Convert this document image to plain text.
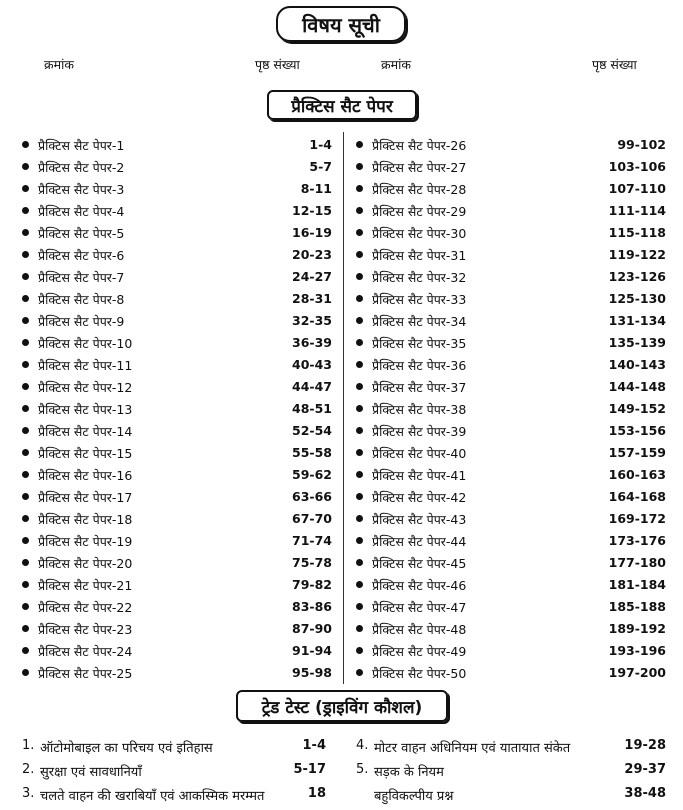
विषय सूची
क्रमांक	पृष्ठ संख्या	क्रमांक	पृष्ठ संख्या
प्रैक्टिस सैट पेपर
प्रैक्टिस सैट पेपर-1	1-4
प्रैक्टिस सैट पेपर-2	5-7
प्रैक्टिस सैट पेपर-3	8-11
प्रैक्टिस सैट पेपर-4	12-15
प्रैक्टिस सैट पेपर-5	16-19
प्रैक्टिस सैट पेपर-6	20-23
प्रैक्टिस सैट पेपर-7	24-27
प्रैक्टिस सैट पेपर-8	28-31
प्रैक्टिस सैट पेपर-9	32-35
प्रैक्टिस सैट पेपर-10	36-39
प्रैक्टिस सैट पेपर-11	40-43
प्रैक्टिस सैट पेपर-12	44-47
प्रैक्टिस सैट पेपर-13	48-51
प्रैक्टिस सैट पेपर-14	52-54
प्रैक्टिस सैट पेपर-15	55-58
प्रैक्टिस सैट पेपर-16	59-62
प्रैक्टिस सैट पेपर-17	63-66
प्रैक्टिस सैट पेपर-18	67-70
प्रैक्टिस सैट पेपर-19	71-74
प्रैक्टिस सैट पेपर-20	75-78
प्रैक्टिस सैट पेपर-21	79-82
प्रैक्टिस सैट पेपर-22	83-86
प्रैक्टिस सैट पेपर-23	87-90
प्रैक्टिस सैट पेपर-24	91-94
प्रैक्टिस सैट पेपर-25	95-98
प्रैक्टिस सैट पेपर-26	99-102
प्रैक्टिस सैट पेपर-27	103-106
प्रैक्टिस सैट पेपर-28	107-110
प्रैक्टिस सैट पेपर-29	111-114
प्रैक्टिस सैट पेपर-30	115-118
प्रैक्टिस सैट पेपर-31	119-122
प्रैक्टिस सैट पेपर-32	123-126
प्रैक्टिस सैट पेपर-33	125-130
प्रैक्टिस सैट पेपर-34	131-134
प्रैक्टिस सैट पेपर-35	135-139
प्रैक्टिस सैट पेपर-36	140-143
प्रैक्टिस सैट पेपर-37	144-148
प्रैक्टिस सैट पेपर-38	149-152
प्रैक्टिस सैट पेपर-39	153-156
प्रैक्टिस सैट पेपर-40	157-159
प्रैक्टिस सैट पेपर-41	160-163
प्रैक्टिस सैट पेपर-42	164-168
प्रैक्टिस सैट पेपर-43	169-172
प्रैक्टिस सैट पेपर-44	173-176
प्रैक्टिस सैट पेपर-45	177-180
प्रैक्टिस सैट पेपर-46	181-184
प्रैक्टिस सैट पेपर-47	185-188
प्रैक्टिस सैट पेपर-48	189-192
प्रैक्टिस सैट पेपर-49	193-196
प्रैक्टिस सैट पेपर-50	197-200
ट्रेड टेस्ट (ड्राइविंग कौशल)
1. ऑटोमोबाइल का परिचय एवं इतिहास	1-4
2. सुरक्षा एवं सावधानियाँ	5-17
3. चलते वाहन की खराबियाँ एवं आकस्मिक मरम्मत	18
4. मोटर वाहन अधिनियम एवं यातायात संकेत	19-28
5. सड़क के नियम	29-37
बहुविकल्पीय प्रश्न	38-48
